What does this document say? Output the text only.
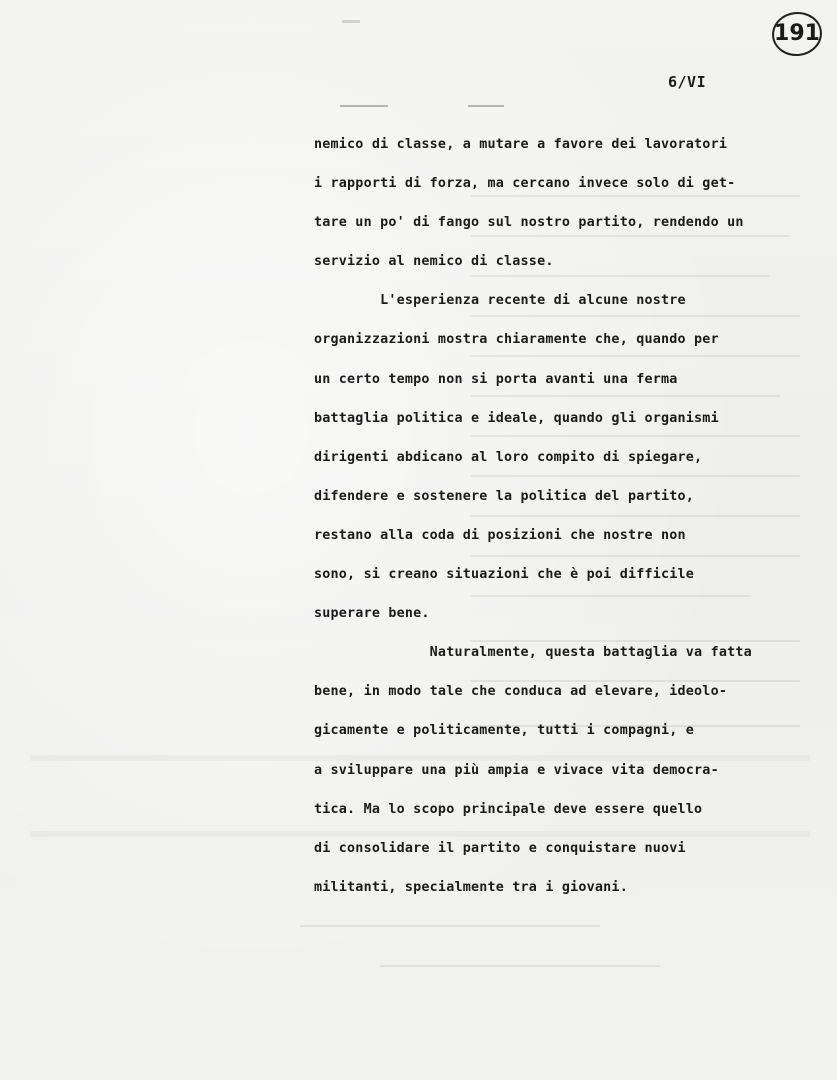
191
6/VI
nemico di classe, a mutare a favore dei lavoratori
i rapporti di forza, ma cercano invece solo di get-
tare un po' di fango sul nostro partito, rendendo un
servizio al nemico di classe.
L'esperienza recente di alcune nostre
organizzazioni mostra chiaramente che, quando per
un certo tempo non si porta avanti una ferma
battaglia politica e ideale, quando gli organismi
dirigenti abdicano al loro compito di spiegare,
difendere e sostenere la politica del partito,
restano alla coda di posizioni che nostre non
sono, si creano situazioni che è poi difficile
superare bene.
Naturalmente, questa battaglia va fatta
bene, in modo tale che conduca ad elevare, ideolo-
gicamente e politicamente, tutti i compagni, e
a sviluppare una più ampia e vivace vita democra-
tica. Ma lo scopo principale deve essere quello
di consolidare il partito e conquistare nuovi
militanti, specialmente tra i giovani.
